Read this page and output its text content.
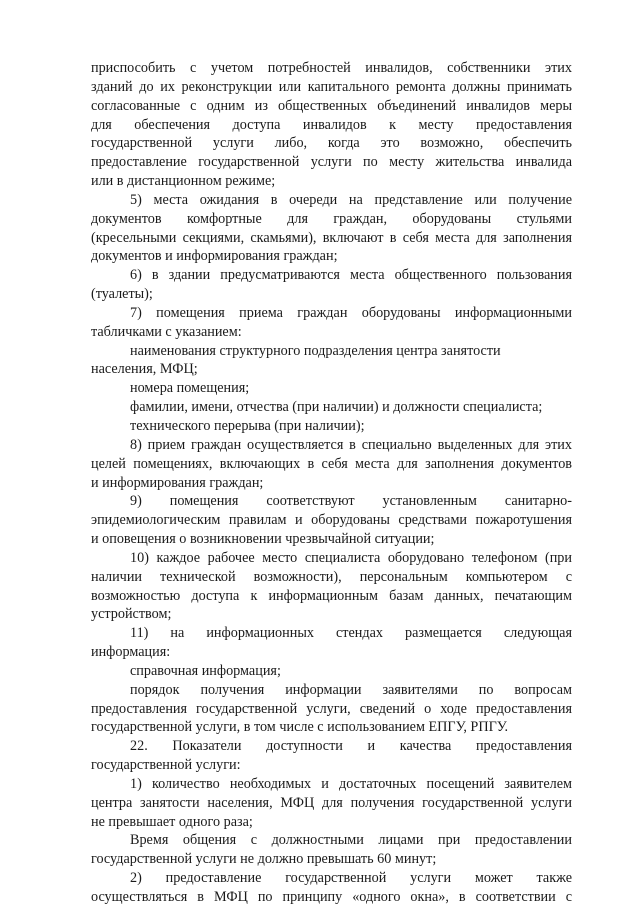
приспособить с учетом потребностей инвалидов, собственники этих
зданий до их реконструкции или капитального ремонта должны принимать
согласованные с одним из общественных объединений инвалидов меры
для обеспечения доступа инвалидов к месту предоставления
государственной услуги либо, когда это возможно, обеспечить
предоставление государственной услуги по месту жительства инвалида
или в дистанционном режиме;
5) места ожидания в очереди на представление или получение
документов комфортные для граждан, оборудованы стульями
(кресельными секциями, скамьями), включают в себя места для заполнения
документов и информирования граждан;
6) в здании предусматриваются места общественного пользования
(туалеты);
7) помещения приема граждан оборудованы информационными
табличками с указанием:
наименования структурного подразделения центра занятости
населения, МФЦ;
номера помещения;
фамилии, имени, отчества (при наличии) и должности специалиста;
технического перерыва (при наличии);
8) прием граждан осуществляется в специально выделенных для этих
целей помещениях, включающих в себя места для заполнения документов
и информирования граждан;
9) помещения соответствуют установленным санитарно-
эпидемиологическим правилам и оборудованы средствами пожаротушения
и оповещения о возникновении чрезвычайной ситуации;
10) каждое рабочее место специалиста оборудовано телефоном (при
наличии технической возможности), персональным компьютером с
возможностью доступа к информационным базам данных, печатающим
устройством;
11) на информационных стендах размещается следующая
информация:
справочная информация;
порядок получения информации заявителями по вопросам
предоставления государственной услуги, сведений о ходе предоставления
государственной услуги, в том числе с использованием ЕПГУ, РПГУ.
22. Показатели доступности и качества предоставления
государственной услуги:
1) количество необходимых и достаточных посещений заявителем
центра занятости населения, МФЦ для получения государственной услуги
не превышает одного раза;
Время общения с должностными лицами при предоставлении
государственной услуги не должно превышать 60 минут;
2) предоставление государственной услуги может также
осуществляться в МФЦ по принципу «одного окна», в соответствии с
